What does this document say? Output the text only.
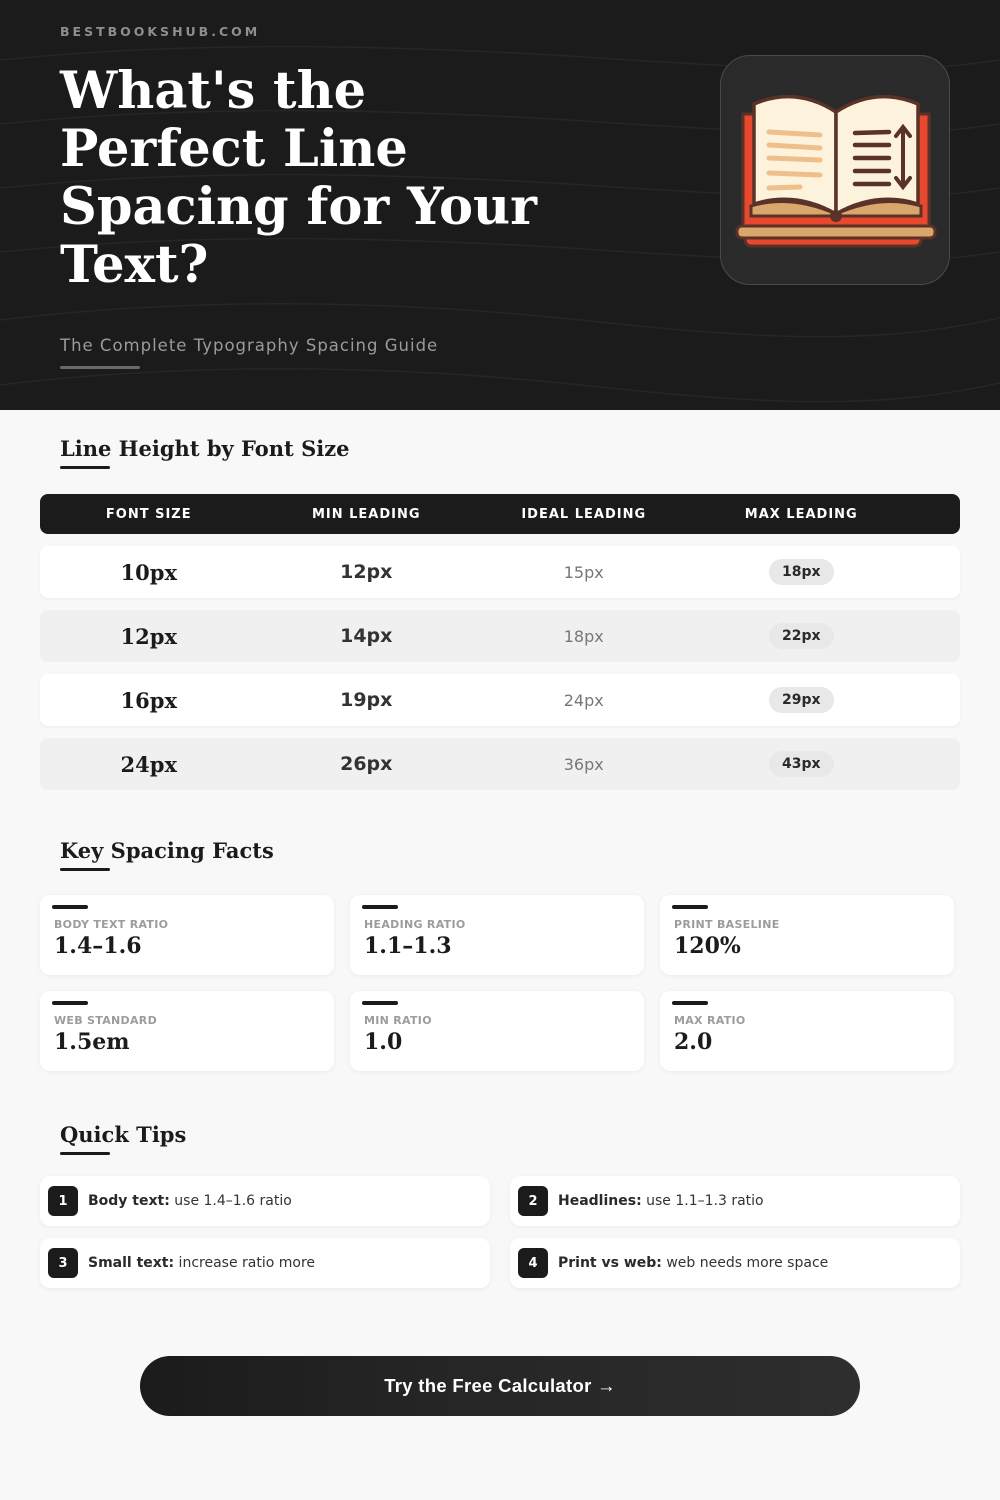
BESTBOOKSHUB.COM
What's the
Perfect Line
Spacing for Your
Text?
The Complete Typography Spacing Guide
Line Height by Font Size
FONT SIZE	MIN LEADING	IDEAL LEADING	MAX LEADING
10px	12px	15px	18px
12px	14px	18px	22px
16px	19px	24px	29px
24px	26px	36px	43px
Key Spacing Facts
BODY TEXT RATIO
1.4–1.6
HEADING RATIO
1.1–1.3
PRINT BASELINE
120%
WEB STANDARD
1.5em
MIN RATIO
1.0
MAX RATIO
2.0
Quick Tips
1	Body text: use 1.4–1.6 ratio	2	Headlines: use 1.1–1.3 ratio
3	Small text: increase ratio more	4	Print vs web: web needs more space
Try the Free Calculator →
